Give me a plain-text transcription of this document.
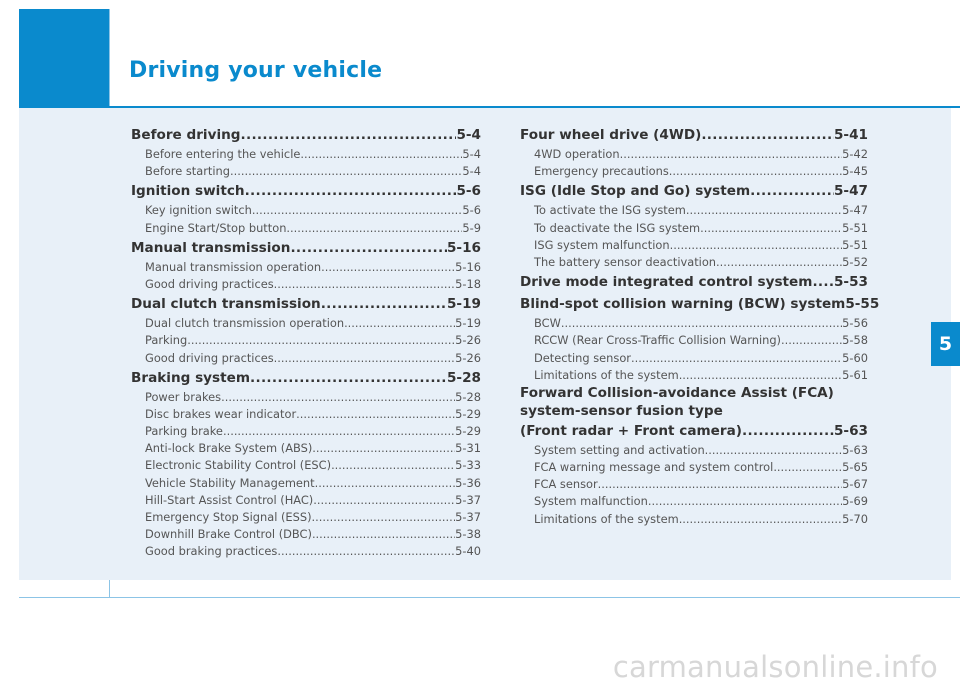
Driving your vehicle
Before driving .....	5-4
Before entering the vehicle .....	5-4
Before starting .....	5-4
Ignition switch .....	5-6
Key ignition switch .....	5-6
Engine Start/Stop button .....	5-9
Manual transmission .....	5-16
Manual transmission operation .....	5-16
Good driving practices .....	5-18
Dual clutch transmission .....	5-19
Dual clutch transmission operation .....	5-19
Parking .....	5-26
Good driving practices .....	5-26
Braking system .....	5-28
Power brakes .....	5-28
Disc brakes wear indicator .....	5-29
Parking brake .....	5-29
Anti-lock Brake System (ABS) .....	5-31
Electronic Stability Control (ESC) .....	5-33
Vehicle Stability Management .....	5-36
Hill-Start Assist Control (HAC) .....	5-37
Emergency Stop Signal (ESS) .....	5-37
Downhill Brake Control (DBC) .....	5-38
Good braking practices .....	5-40
Four wheel drive (4WD) .....	5-41
4WD operation .....	5-42
Emergency precautions .....	5-45
ISG (Idle Stop and Go) system .....	5-47
To activate the ISG system .....	5-47
To deactivate the ISG system .....	5-51
ISG system malfunction .....	5-51
The battery sensor deactivation .....	5-52
Drive mode integrated control system ..... 5-53
Blind-spot collision warning (BCW) system 5-55
BCW .....	5-56
RCCW (Rear Cross-Traffic Collision Warning) .....	5-58
Detecting sensor .....	5-60
Limitations of the system .....	5-61
Forward Collision-avoidance Assist (FCA)
system-sensor fusion type
(Front radar + Front camera) .....	5-63
System setting and activation .....	5-63
FCA warning message and system control .....	5-65
FCA sensor .....	5-67
System malfunction .....	5-69
Limitations of the system .....	5-70
5
carmanualsonline.info
